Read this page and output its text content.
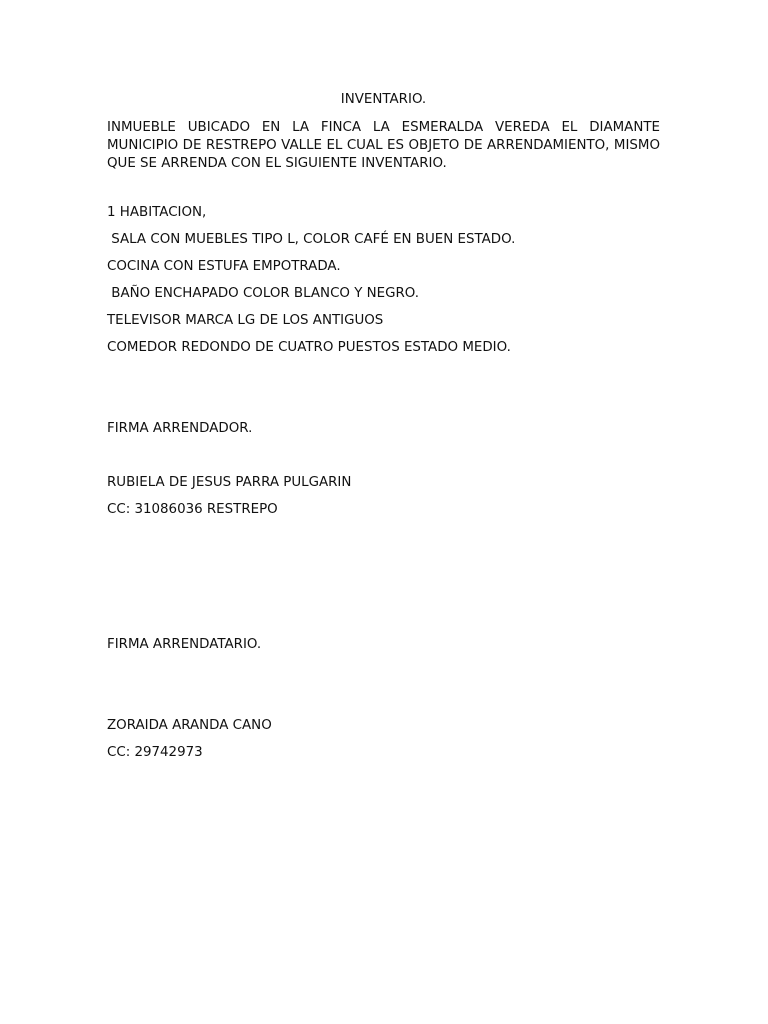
INVENTARIO.

INMUEBLE UBICADO EN LA FINCA LA ESMERALDA VEREDA EL DIAMANTE MUNICIPIO DE RESTREPO VALLE EL CUAL ES OBJETO DE ARRENDAMIENTO, MISMO QUE SE ARRENDA CON EL SIGUIENTE INVENTARIO.

1 HABITACION,

SALA CON MUEBLES TIPO L, COLOR CAFÉ EN BUEN ESTADO.

COCINA CON ESTUFA EMPOTRADA.

BAÑO ENCHAPADO COLOR BLANCO Y NEGRO.

TELEVISOR MARCA LG DE LOS ANTIGUOS

COMEDOR REDONDO DE CUATRO PUESTOS ESTADO MEDIO.

FIRMA ARRENDADOR.

RUBIELA DE JESUS PARRA PULGARIN

CC: 31086036 RESTREPO

FIRMA ARRENDATARIO.

ZORAIDA ARANDA CANO

CC: 29742973
